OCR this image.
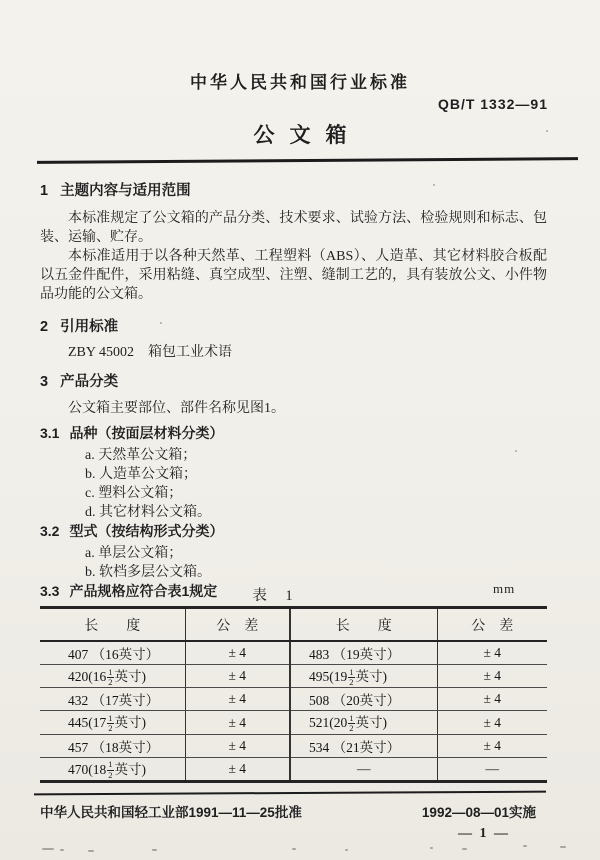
中华人民共和国行业标准
QB/T 1332—91
公文箱
1 主题内容与适用范围

本标准规定了公文箱的产品分类、技术要求、试验方法、检验规则和标志、包装、运输、贮存。

本标准适用于以各种天然革、工程塑料（ABS）、人造革、其它材料胶合板配以五金件配件，采用粘缝、真空成型、注塑、缝制工艺的，具有装放公文、小件物品功能的公文箱。

2 引用标准
ZBY 45002　箱包工业术语
3 产品分类
公文箱主要部位、部件名称见图1。
3.1 品种（按面层材料分类）
a. 天然革公文箱；
b. 人造革公文箱；
c. 塑料公文箱；
d. 其它材料公文箱。
3.2 型式（按结构形式分类）
a. 单层公文箱；
b. 软档多层公文箱。
3.3 产品规格应符合表1规定	表　1	mm
长　　度	公　差	长　　度	公　差
407 （16英寸）	± 4	483 （19英寸）	± 4
$420(16 \frac{1}{2}$ 英寸)	± 4	$495(19 \frac{1}{2}$ 英寸)	± 4
432 （17英寸）	± 4	508 （20英寸）	± 4
$445(17 \frac{1}{2}$ 英寸)	± 4	$521(20 \frac{1}{2}$ 英寸)	± 4
457 （18英寸）	± 4	534 （21英寸）	± 4
$470(18 \frac{1}{2}$ 英寸)	± 4	—	—
中华人民共和国轻工业部1991—11—25批准	1992—08—01实施
— 1 —
